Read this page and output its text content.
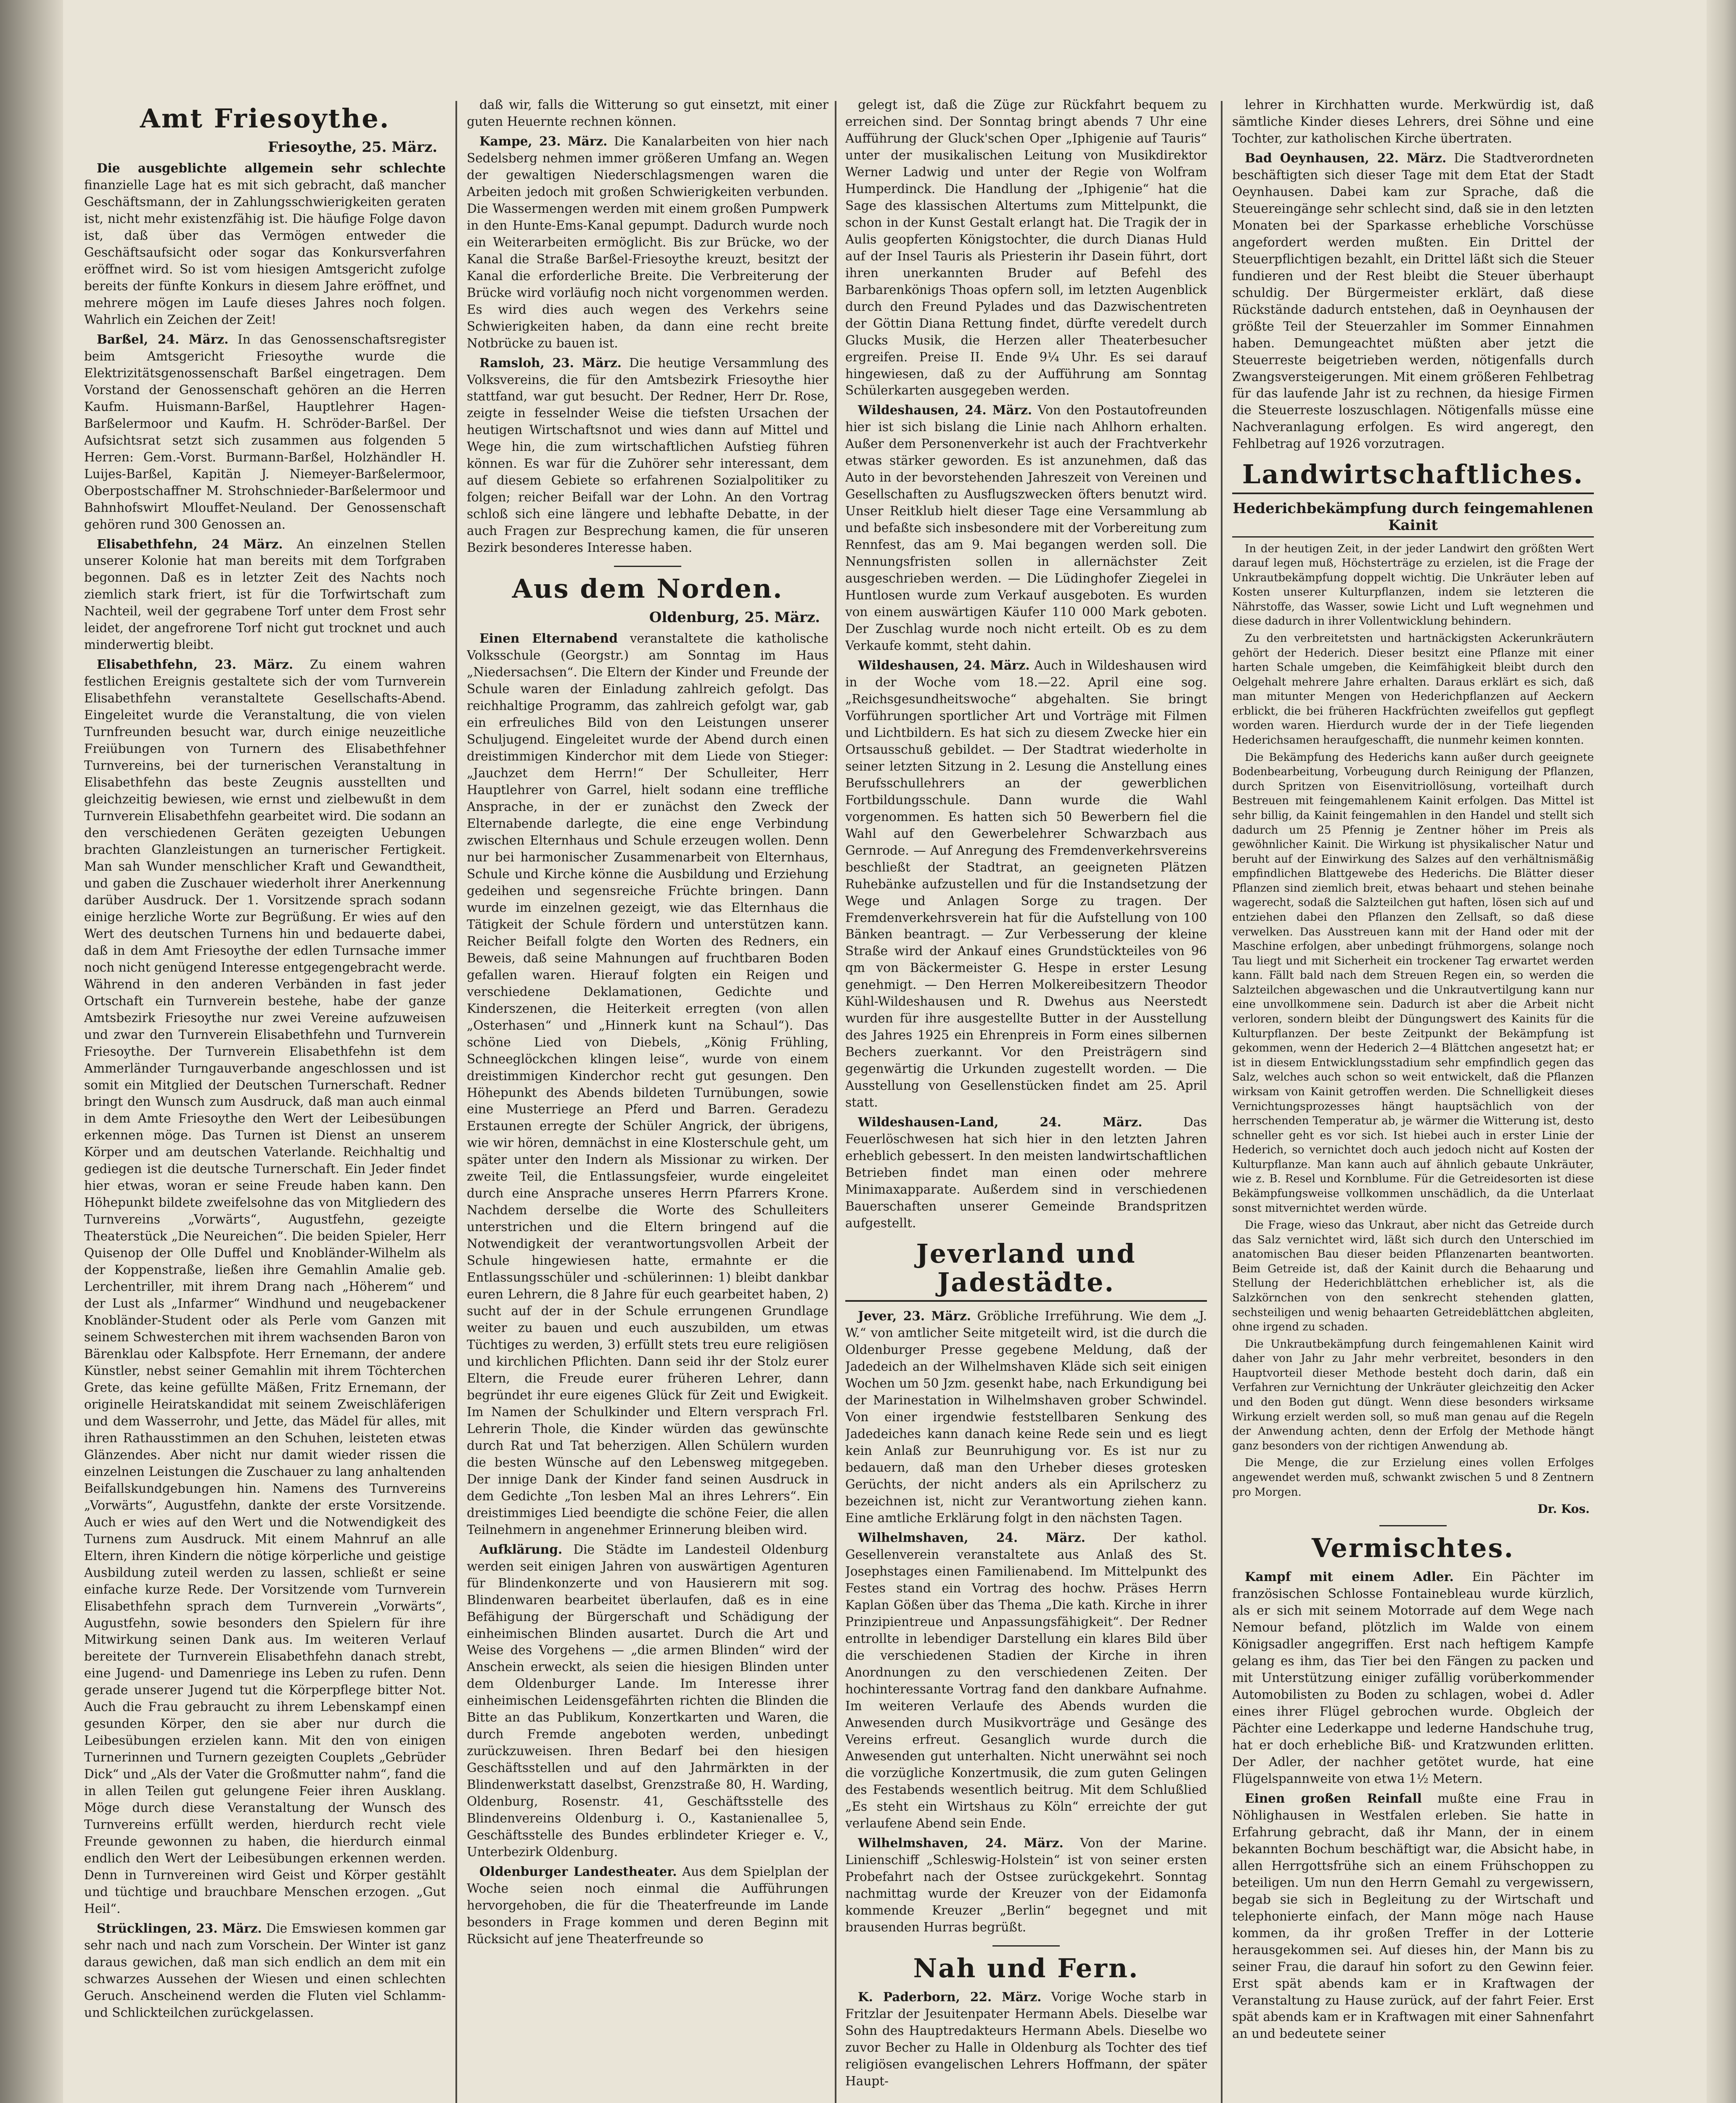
Amt Friesoythe.
Friesoythe, 25. März.

Die ausgeblichte allgemein sehr schlechte finanzielle Lage hat es mit sich gebracht, daß mancher Geschäftsmann, der in Zahlungsschwierigkeiten geraten ist, nicht mehr existenzfähig ist. Die häufige Folge davon ist, daß über das Vermögen entweder die Geschäftsaufsicht oder sogar das Konkursverfahren eröffnet wird. So ist vom hiesigen Amtsgericht zufolge bereits der fünfte Konkurs in diesem Jahre eröffnet, und mehrere mögen im Laufe dieses Jahres noch folgen. Wahrlich ein Zeichen der Zeit!

Barßel, 24. März. In das Genossenschaftsregister beim Amtsgericht Friesoythe wurde die Elektrizitätsgenossenschaft Barßel eingetragen. Dem Vorstand der Genossenschaft gehören an die Herren Kaufm. Huismann-Barßel, Hauptlehrer Hagen-Barßelermoor und Kaufm. H. Schröder-Barßel. Der Aufsichtsrat setzt sich zusammen aus folgenden 5 Herren: Gem.-Vorst. Burmann-Barßel, Holzhändler H. Luijes-Barßel, Kapitän J. Niemeyer-Barßelermoor, Oberpostschaffner M. Strohschnieder-Barßelermoor und Bahnhofswirt Mlouffet-Neuland. Der Genossenschaft gehören rund 300 Genossen an.

Elisabethfehn, 24 März. An einzelnen Stellen unserer Kolonie hat man bereits mit dem Torfgraben begonnen. Daß es in letzter Zeit des Nachts noch ziemlich stark friert, ist für die Torfwirtschaft zum Nachteil, weil der gegrabene Torf unter dem Frost sehr leidet, der angefrorene Torf nicht gut trocknet und auch minderwertig bleibt.

Elisabethfehn, 23. März. Zu einem wahren festlichen Ereignis gestaltete sich der vom Turnverein Elisabethfehn veranstaltete Gesellschafts-Abend. Eingeleitet wurde die Veranstaltung, die von vielen Turnfreunden besucht war, durch einige neuzeitliche Freiübungen von Turnern des Elisabethfehner Turnvereins, bei der turnerischen Veranstaltung in Elisabethfehn das beste Zeugnis ausstellten und gleichzeitig bewiesen, wie ernst und zielbewußt in dem Turnverein Elisabethfehn gearbeitet wird. Die sodann an den verschiedenen Geräten gezeigten Uebungen brachten Glanzleistungen an turnerischer Fertigkeit. Man sah Wunder menschlicher Kraft und Gewandtheit, und gaben die Zuschauer wiederholt ihrer Anerkennung darüber Ausdruck. Der 1. Vorsitzende sprach sodann einige herzliche Worte zur Begrüßung. Er wies auf den Wert des deutschen Turnens hin und bedauerte dabei, daß in dem Amt Friesoythe der edlen Turnsache immer noch nicht genügend Interesse entgegengebracht werde. Während in den anderen Verbänden in fast jeder Ortschaft ein Turnverein bestehe, habe der ganze Amtsbezirk Friesoythe nur zwei Vereine aufzuweisen und zwar den Turnverein Elisabethfehn und Turnverein Friesoythe. Der Turnverein Elisabethfehn ist dem Ammerländer Turngauverbande angeschlossen und ist somit ein Mitglied der Deutschen Turnerschaft. Redner bringt den Wunsch zum Ausdruck, daß man auch einmal in dem Amte Friesoythe den Wert der Leibesübungen erkennen möge. Das Turnen ist Dienst an unserem Körper und am deutschen Vaterlande. Reichhaltig und gediegen ist die deutsche Turnerschaft. Ein Jeder findet hier etwas, woran er seine Freude haben kann. Den Höhepunkt bildete zweifelsohne das von Mitgliedern des Turnvereins „Vorwärts“, Augustfehn, gezeigte Theaterstück „Die Neureichen“. Die beiden Spieler, Herr Quisenop der Olle Duffel und Knobländer-Wilhelm als der Koppenstraße, ließen ihre Gemahlin Amalie geb. Lerchentriller, mit ihrem Drang nach „Höherem“ und der Lust als „Infarmer“ Windhund und neugebackener Knobländer-Student oder als Perle vom Ganzen mit seinem Schwesterchen mit ihrem wachsenden Baron von Bärenklau oder Kalbspfote. Herr Ernemann, der andere Künstler, nebst seiner Gemahlin mit ihrem Töchterchen Grete, das keine gefüllte Mäßen, Fritz Ernemann, der originelle Heiratskandidat mit seinem Zweischläferigen und dem Wasserrohr, und Jette, das Mädel für alles, mit ihren Rathausstimmen an den Schuhen, leisteten etwas Glänzendes. Aber nicht nur damit wieder rissen die einzelnen Leistungen die Zuschauer zu lang anhaltenden Beifallskundgebungen hin. Namens des Turnvereins „Vorwärts“, Augustfehn, dankte der erste Vorsitzende. Auch er wies auf den Wert und die Notwendigkeit des Turnens zum Ausdruck. Mit einem Mahnruf an alle Eltern, ihren Kindern die nötige körperliche und geistige Ausbildung zuteil werden zu lassen, schließt er seine einfache kurze Rede. Der Vorsitzende vom Turnverein Elisabethfehn sprach dem Turnverein „Vorwärts“, Augustfehn, sowie besonders den Spielern für ihre Mitwirkung seinen Dank aus. Im weiteren Verlauf bereitete der Turnverein Elisabethfehn danach strebt, eine Jugend- und Damenriege ins Leben zu rufen. Denn gerade unserer Jugend tut die Körperpflege bitter Not. Auch die Frau gebraucht zu ihrem Lebenskampf einen gesunden Körper, den sie aber nur durch die Leibesübungen erzielen kann. Mit den von einigen Turnerinnen und Turnern gezeigten Couplets „Gebrüder Dick“ und „Als der Vater die Großmutter nahm“, fand die in allen Teilen gut gelungene Feier ihren Ausklang. Möge durch diese Veranstaltung der Wunsch des Turnvereins erfüllt werden, hierdurch recht viele Freunde gewonnen zu haben, die hierdurch einmal endlich den Wert der Leibesübungen erkennen werden. Denn in Turnvereinen wird Geist und Körper gestählt und tüchtige und brauchbare Menschen erzogen. „Gut Heil“.

Strücklingen, 23. März. Die Emswiesen kommen gar sehr nach und nach zum Vorschein. Der Winter ist ganz daraus gewichen, daß man sich endlich an dem mit ein schwarzes Aussehen der Wiesen und einen schlechten Geruch. Anscheinend werden die Fluten viel Schlamm- und Schlickteilchen zurückgelassen.

daß wir, falls die Witterung so gut einsetzt, mit einer guten Heuernte rechnen können.

Kampe, 23. März. Die Kanalarbeiten von hier nach Sedelsberg nehmen immer größeren Umfang an. Wegen der gewaltigen Niederschlagsmengen waren die Arbeiten jedoch mit großen Schwierigkeiten verbunden. Die Wassermengen werden mit einem großen Pumpwerk in den Hunte-Ems-Kanal gepumpt. Dadurch wurde noch ein Weiterarbeiten ermöglicht. Bis zur Brücke, wo der Kanal die Straße Barßel-Friesoythe kreuzt, besitzt der Kanal die erforderliche Breite. Die Verbreiterung der Brücke wird vorläufig noch nicht vorgenommen werden. Es wird dies auch wegen des Verkehrs seine Schwierigkeiten haben, da dann eine recht breite Notbrücke zu bauen ist.

Ramsloh, 23. März. Die heutige Versammlung des Volksvereins, die für den Amtsbezirk Friesoythe hier stattfand, war gut besucht. Der Redner, Herr Dr. Rose, zeigte in fesselnder Weise die tiefsten Ursachen der heutigen Wirtschaftsnot und wies dann auf Mittel und Wege hin, die zum wirtschaftlichen Aufstieg führen können. Es war für die Zuhörer sehr interessant, dem auf diesem Gebiete so erfahrenen Sozialpolitiker zu folgen; reicher Beifall war der Lohn. An den Vortrag schloß sich eine längere und lebhafte Debatte, in der auch Fragen zur Besprechung kamen, die für unseren Bezirk besonderes Interesse haben.

Aus dem Norden.
Oldenburg, 25. März.

Einen Elternabend veranstaltete die katholische Volksschule (Georgstr.) am Sonntag im Haus „Niedersachsen“. Die Eltern der Kinder und Freunde der Schule waren der Einladung zahlreich gefolgt. Das reichhaltige Programm, das zahlreich gefolgt war, gab ein erfreuliches Bild von den Leistungen unserer Schuljugend. Eingeleitet wurde der Abend durch einen dreistimmigen Kinderchor mit dem Liede von Stieger: „Jauchzet dem Herrn!“ Der Schulleiter, Herr Hauptlehrer von Garrel, hielt sodann eine treffliche Ansprache, in der er zunächst den Zweck der Elternabende darlegte, die eine enge Verbindung zwischen Elternhaus und Schule erzeugen wollen. Denn nur bei harmonischer Zusammenarbeit von Elternhaus, Schule und Kirche könne die Ausbildung und Erziehung gedeihen und segensreiche Früchte bringen. Dann wurde im einzelnen gezeigt, wie das Elternhaus die Tätigkeit der Schule fördern und unterstützen kann. Reicher Beifall folgte den Worten des Redners, ein Beweis, daß seine Mahnungen auf fruchtbaren Boden gefallen waren. Hierauf folgten ein Reigen und verschiedene Deklamationen, Gedichte und Kinderszenen, die Heiterkeit erregten (von allen „Osterhasen“ und „Hinnerk kunt na Schaul“). Das schöne Lied von Diebels, „König Frühling, Schneeglöckchen klingen leise“, wurde von einem dreistimmigen Kinderchor recht gut gesungen. Den Höhepunkt des Abends bildeten Turnübungen, sowie eine Musterriege an Pferd und Barren. Geradezu Erstaunen erregte der Schüler Angrick, der übrigens, wie wir hören, demnächst in eine Klosterschule geht, um später unter den Indern als Missionar zu wirken. Der zweite Teil, die Entlassungsfeier, wurde eingeleitet durch eine Ansprache unseres Herrn Pfarrers Krone. Nachdem derselbe die Worte des Schulleiters unterstrichen und die Eltern bringend auf die Notwendigkeit der verantwortungsvollen Arbeit der Schule hingewiesen hatte, ermahnte er die Entlassungsschüler und -schülerinnen: 1) bleibt dankbar euren Lehrern, die 8 Jahre für euch gearbeitet haben, 2) sucht auf der in der Schule errungenen Grundlage weiter zu bauen und euch auszubilden, um etwas Tüchtiges zu werden, 3) erfüllt stets treu eure religiösen und kirchlichen Pflichten. Dann seid ihr der Stolz eurer Eltern, die Freude eurer früheren Lehrer, dann begründet ihr eure eigenes Glück für Zeit und Ewigkeit. Im Namen der Schulkinder und Eltern versprach Frl. Lehrerin Thole, die Kinder würden das gewünschte durch Rat und Tat beherzigen. Allen Schülern wurden die besten Wünsche auf den Lebensweg mitgegeben. Der innige Dank der Kinder fand seinen Ausdruck in dem Gedichte „Ton lesben Mal an ihres Lehrers“. Ein dreistimmiges Lied beendigte die schöne Feier, die allen Teilnehmern in angenehmer Erinnerung bleiben wird.

Aufklärung. Die Städte im Landesteil Oldenburg werden seit einigen Jahren von auswärtigen Agenturen für Blindenkonzerte und von Hausierern mit sog. Blindenwaren bearbeitet überlaufen, daß es in eine Befähigung der Bürgerschaft und Schädigung der einheimischen Blinden ausartet. Durch die Art und Weise des Vorgehens — „die armen Blinden“ wird der Anschein erweckt, als seien die hiesigen Blinden unter dem Oldenburger Lande. Im Interesse ihrer einheimischen Leidensgefährten richten die Blinden die Bitte an das Publikum, Konzertkarten und Waren, die durch Fremde angeboten werden, unbedingt zurückzuweisen. Ihren Bedarf bei den hiesigen Geschäftsstellen und auf den Jahrmärkten in der Blindenwerkstatt daselbst, Grenzstraße 80, H. Warding, Oldenburg, Rosenstr. 41, Geschäftsstelle des Blindenvereins Oldenburg i. O., Kastanienallee 5, Geschäftsstelle des Bundes erblindeter Krieger e. V., Unterbezirk Oldenburg.

Oldenburger Landestheater. Aus dem Spielplan der Woche seien noch einmal die Aufführungen hervorgehoben, die für die Theaterfreunde im Lande besonders in Frage kommen und deren Beginn mit Rücksicht auf jene Theaterfreunde so

gelegt ist, daß die Züge zur Rückfahrt bequem zu erreichen sind. Der Sonntag bringt abends 7 Uhr eine Aufführung der Gluck'schen Oper „Iphigenie auf Tauris“ unter der musikalischen Leitung von Musikdirektor Werner Ladwig und unter der Regie von Wolfram Humperdinck. Die Handlung der „Iphigenie“ hat die Sage des klassischen Altertums zum Mittelpunkt, die schon in der Kunst Gestalt erlangt hat. Die Tragik der in Aulis geopferten Königstochter, die durch Dianas Huld auf der Insel Tauris als Priesterin ihr Dasein führt, dort ihren unerkannten Bruder auf Befehl des Barbarenkönigs Thoas opfern soll, im letzten Augenblick durch den Freund Pylades und das Dazwischentreten der Göttin Diana Rettung findet, dürfte veredelt durch Glucks Musik, die Herzen aller Theaterbesucher ergreifen. Preise II. Ende 9¼ Uhr. Es sei darauf hingewiesen, daß zu der Aufführung am Sonntag Schülerkarten ausgegeben werden.

Wildeshausen, 24. März. Von den Postautofreunden hier ist sich bislang die Linie nach Ahlhorn erhalten. Außer dem Personenverkehr ist auch der Frachtverkehr etwas stärker geworden. Es ist anzunehmen, daß das Auto in der bevorstehenden Jahreszeit von Vereinen und Gesellschaften zu Ausflugszwecken öfters benutzt wird. Unser Reitklub hielt dieser Tage eine Versammlung ab und befaßte sich insbesondere mit der Vorbereitung zum Rennfest, das am 9. Mai begangen werden soll. Die Nennungsfristen sollen in allernächster Zeit ausgeschrieben werden. — Die Lüdinghofer Ziegelei in Huntlosen wurde zum Verkauf ausgeboten. Es wurden von einem auswärtigen Käufer 110 000 Mark geboten. Der Zuschlag wurde noch nicht erteilt. Ob es zu dem Verkaufe kommt, steht dahin.

Wildeshausen, 24. März. Auch in Wildeshausen wird in der Woche vom 18.—22. April eine sog. „Reichsgesundheitswoche“ abgehalten. Sie bringt Vorführungen sportlicher Art und Vorträge mit Filmen und Lichtbildern. Es hat sich zu diesem Zwecke hier ein Ortsausschuß gebildet. — Der Stadtrat wiederholte in seiner letzten Sitzung in 2. Lesung die Anstellung eines Berufsschullehrers an der gewerblichen Fortbildungsschule. Dann wurde die Wahl vorgenommen. Es hatten sich 50 Bewerbern fiel die Wahl auf den Gewerbelehrer Schwarzbach aus Gernrode. — Auf Anregung des Fremdenverkehrsvereins beschließt der Stadtrat, an geeigneten Plätzen Ruhebänke aufzustellen und für die Instandsetzung der Wege und Anlagen Sorge zu tragen. Der Fremdenverkehrsverein hat für die Aufstellung von 100 Bänken beantragt. — Zur Verbesserung der kleine Straße wird der Ankauf eines Grundstückteiles von 96 qm von Bäckermeister G. Hespe in erster Lesung genehmigt. — Den Herren Molkereibesitzern Theodor Kühl-Wildeshausen und R. Dwehus aus Neerstedt wurden für ihre ausgestellte Butter in der Ausstellung des Jahres 1925 ein Ehrenpreis in Form eines silbernen Bechers zuerkannt. Vor den Preisträgern sind gegenwärtig die Urkunden zugestellt worden. — Die Ausstellung von Gesellenstücken findet am 25. April statt.

Wildeshausen-Land, 24. März.	Das Feuerlöschwesen hat sich hier in den letzten Jahren erheblich gebessert. In den meisten landwirtschaftlichen Betrieben findet man einen oder mehrere Minimaxapparate. Außerdem sind in verschiedenen Bauerschaften unserer Gemeinde Brandspritzen aufgestellt.

Jeverland und Jadestädte.

Jever, 23. März. Gröbliche Irreführung. Wie dem „J. W.“ von amtlicher Seite mitgeteilt wird, ist die durch die Oldenburger Presse gegebene Meldung, daß der Jadedeich an der Wilhelmshaven Kläde sich seit einigen Wochen um 50 Jzm. gesenkt habe, nach Erkundigung bei der Marinestation in Wilhelmshaven grober Schwindel. Von einer irgendwie feststellbaren Senkung des Jadedeiches kann danach keine Rede sein und es liegt kein Anlaß zur Beunruhigung vor. Es ist nur zu bedauern, daß man den Urheber dieses grotesken Gerüchts, der nicht anders als ein Aprilscherz zu bezeichnen ist, nicht zur Verantwortung ziehen kann. Eine amtliche Erklärung folgt in den nächsten Tagen.

Wilhelmshaven, 24. März. Der kathol. Gesellenverein veranstaltete aus Anlaß des St. Josephstages einen Familienabend. Im Mittelpunkt des Festes stand ein Vortrag des hochw. Präses Herrn Kaplan Gößen über das Thema „Die kath. Kirche in ihrer Prinzipientreue und Anpassungsfähigkeit“. Der Redner entrollte in lebendiger Darstellung ein klares Bild über die verschiedenen Stadien der Kirche in ihren Anordnungen zu den verschiedenen Zeiten. Der hochinteressante Vortrag fand den dankbare Aufnahme. Im weiteren Verlaufe des Abends wurden die Anwesenden durch Musikvorträge und Gesänge des Vereins erfreut. Gesanglich wurde durch die Anwesenden gut unterhalten. Nicht unerwähnt sei noch die vorzügliche Konzertmusik, die zum guten Gelingen des Festabends wesentlich beitrug. Mit dem Schlußlied „Es steht ein Wirtshaus zu Köln“ erreichte der gut verlaufene Abend sein Ende.

Wilhelmshaven, 24. März. Von der Marine. Linienschiff „Schleswig-Holstein“ ist von seiner ersten Probefahrt nach der Ostsee zurückgekehrt. Sonntag nachmittag wurde der Kreuzer von der Eidamonfa kommende Kreuzer „Berlin“ begegnet und mit brausenden Hurras begrüßt.

Nah und Fern.

K. Paderborn, 22. März. Vorige Woche starb in Fritzlar der Jesuitenpater Hermann Abels. Dieselbe war Sohn des Hauptredakteurs Hermann Abels. Dieselbe wo zuvor Becher zu Halle in Oldenburg als Tochter des tief religiösen evangelischen Lehrers Hoffmann, der später Haupt-

lehrer in Kirchhatten wurde. Merkwürdig ist, daß sämtliche Kinder dieses Lehrers, drei Söhne und eine Tochter, zur katholischen Kirche übertraten.

Bad Oeynhausen, 22. März. Die Stadtverordneten beschäftigten sich dieser Tage mit dem Etat der Stadt Oeynhausen. Dabei kam zur Sprache, daß die Steuereingänge sehr schlecht sind, daß sie in den letzten Monaten bei der Sparkasse erhebliche Vorschüsse angefordert werden mußten. Ein Drittel der Steuerpflichtigen bezahlt, ein Drittel läßt sich die Steuer fundieren und der Rest bleibt die Steuer überhaupt schuldig. Der Bürgermeister erklärt, daß diese Rückstände dadurch entstehen, daß in Oeynhausen der größte Teil der Steuerzahler im Sommer Einnahmen haben. Demungeachtet müßten aber jetzt die Steuerreste beigetrieben werden, nötigenfalls durch Zwangsversteigerungen. Mit einem größeren Fehlbetrag für das laufende Jahr ist zu rechnen, da hiesige Firmen die Steuerreste loszuschlagen. Nötigenfalls müsse eine Nachveranlagung erfolgen. Es wird angeregt, den Fehlbetrag auf 1926 vorzutragen.

Landwirtschaftliches.
Hederichbekämpfung durch feingemahlenen Kainit

In der heutigen Zeit, in der jeder Landwirt den größten Wert darauf legen muß, Höchsterträge zu erzielen, ist die Frage der Unkrautbekämpfung doppelt wichtig. Die Unkräuter leben auf Kosten unserer Kulturpflanzen, indem sie letzteren die Nährstoffe, das Wasser, sowie Licht und Luft wegnehmen und diese dadurch in ihrer Vollentwicklung behindern.

Zu den verbreitetsten und hartnäckigsten Ackerunkräutern gehört der Hederich. Dieser besitzt eine Pflanze mit einer harten Schale umgeben, die Keimfähigkeit bleibt durch den Oelgehalt mehrere Jahre erhalten. Daraus erklärt es sich, daß man mitunter Mengen von Hederichpflanzen auf Aeckern erblickt, die bei früheren Hackfrüchten zweifellos gut gepflegt worden waren. Hierdurch wurde der in der Tiefe liegenden Hederichsamen heraufgeschafft, die nunmehr keimen konnten.

Die Bekämpfung des Hederichs kann außer durch geeignete Bodenbearbeitung, Vorbeugung durch Reinigung der Pflanzen, durch Spritzen von Eisenvitriollösung, vorteilhaft durch Bestreuen mit feingemahlenem Kainit erfolgen. Das Mittel ist sehr billig, da Kainit feingemahlen in den Handel und stellt sich dadurch um 25 Pfennig je Zentner höher im Preis als gewöhnlicher Kainit. Die Wirkung ist physikalischer Natur und beruht auf der Einwirkung des Salzes auf den verhältnismäßig empfindlichen Blattgewebe des Hederichs. Die Blätter dieser Pflanzen sind ziemlich breit, etwas behaart und stehen beinahe wagerecht, sodaß die Salzteilchen gut haften, lösen sich auf und entziehen dabei den Pflanzen den Zellsaft, so daß diese verwelken. Das Ausstreuen kann mit der Hand oder mit der Maschine erfolgen, aber unbedingt frühmorgens, solange noch Tau liegt und mit Sicherheit ein trockener Tag erwartet werden kann. Fällt bald nach dem Streuen Regen ein, so werden die Salzteilchen abgewaschen und die Unkrautvertilgung kann nur eine unvollkommene sein. Dadurch ist aber die Arbeit nicht verloren, sondern bleibt der Düngungswert des Kainits für die Kulturpflanzen. Der beste Zeitpunkt der Bekämpfung ist gekommen, wenn der Hederich 2—4 Blättchen angesetzt hat; er ist in diesem Entwicklungsstadium sehr empfindlich gegen das Salz, welches auch schon so weit entwickelt, daß die Pflanzen wirksam von Kainit getroffen werden. Die Schnelligkeit dieses Vernichtungsprozesses hängt hauptsächlich von der herrschenden Temperatur ab, je wärmer die Witterung ist, desto schneller geht es vor sich. Ist hiebei auch in erster Linie der Hederich, so vernichtet doch auch jedoch nicht auf Kosten der Kulturpflanze. Man kann auch auf ähnlich gebaute Unkräuter, wie z. B. Resel und Kornblume. Für die Getreidesorten ist diese Bekämpfungsweise vollkommen unschädlich, da die Unterlaat sonst mitvernichtet werden würde.

Die Frage, wieso das Unkraut, aber nicht das Getreide durch das Salz vernichtet wird, läßt sich durch den Unterschied im anatomischen Bau dieser beiden Pflanzenarten beantworten. Beim Getreide ist, daß der Kainit durch die Behaarung und Stellung der Hederichblättchen erheblicher ist, als die Salzkörnchen von den senkrecht stehenden glatten, sechsteiligen und wenig behaarten Getreideblättchen abgleiten, ohne irgend zu schaden.

Die Unkrautbekämpfung durch feingemahlenen Kainit wird daher von Jahr zu Jahr mehr verbreitet, besonders in den Hauptvorteil dieser Methode besteht doch darin, daß ein Verfahren zur Vernichtung der Unkräuter gleichzeitig den Acker und den Boden gut düngt. Wenn diese besonders wirksame Wirkung erzielt werden soll, so muß man genau auf die Regeln der Anwendung achten, denn der Erfolg der Methode hängt ganz besonders von der richtigen Anwendung ab.

Die Menge, die zur Erzielung eines vollen Erfolges angewendet werden muß, schwankt zwischen 5 und 8 Zentnern pro Morgen.

Dr. Kos.
Vermischtes.

Kampf mit einem Adler. Ein Pächter im französischen Schlosse Fontainebleau wurde kürzlich, als er sich mit seinem Motorrade auf dem Wege nach Nemour befand, plötzlich im Walde von einem Königsadler angegriffen. Erst nach heftigem Kampfe gelang es ihm, das Tier bei den Fängen zu packen und mit Unterstützung einiger zufällig vorüberkommender Automobilisten zu Boden zu schlagen, wobei d. Adler eines ihrer Flügel gebrochen wurde. Obgleich der Pächter eine Lederkappe und lederne Handschuhe trug, hat er doch erhebliche Biß- und Kratzwunden erlitten. Der Adler, der nachher getötet wurde, hat eine Flügelspannweite von etwa 1½ Metern.

Einen großen Reinfall mußte eine Frau in Nöhlighausen in Westfalen erleben. Sie hatte in Erfahrung gebracht, daß ihr Mann, der in einem bekannten Bochum beschäftigt war, die Absicht habe, in allen Herrgottsfrühe sich an einem Frühschoppen zu beteiligen. Um nun den Herrn Gemahl zu vergewissern, begab sie sich in Begleitung zu der Wirtschaft und telephonierte einfach, der Mann möge nach Hause kommen, da ihr großen Treffer in der Lotterie herausgekommen sei. Auf dieses hin, der Mann bis zu seiner Frau, die darauf hin sofort zu den Gewinn feier. Erst spät abends kam er in Kraftwagen der Veranstaltung zu Hause zurück, auf der fahrt Feier. Erst spät abends kam er in Kraftwagen mit einer Sahnenfahrt an und bedeutete seiner
